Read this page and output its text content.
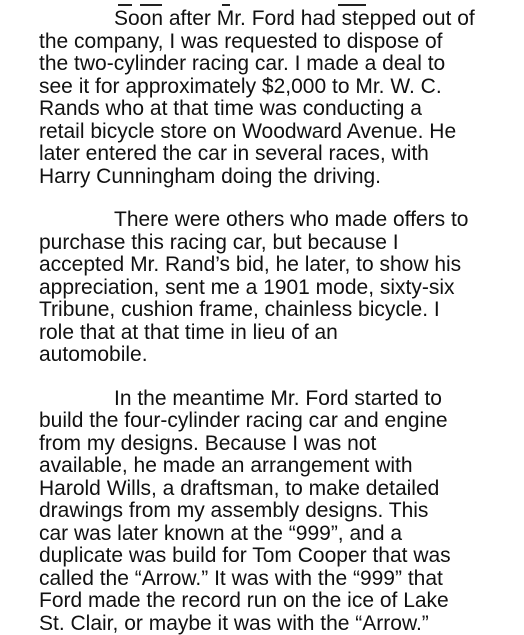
Soon after Mr. Ford had stepped out of
the company, I was requested to dispose of
the two-cylinder racing car. I made a deal to
see it for approximately $2,000 to Mr. W. C.
Rands who at that time was conducting a
retail bicycle store on Woodward Avenue. He
later entered the car in several races, with
Harry Cunningham doing the driving.

There were others who made offers to
purchase this racing car, but because I
accepted Mr. Rand’s bid, he later, to show his
appreciation, sent me a 1901 mode, sixty-six
Tribune, cushion frame, chainless bicycle. I
role that at that time in lieu of an
automobile.

In the meantime Mr. Ford started to
build the four-cylinder racing car and engine
from my designs. Because I was not
available, he made an arrangement with
Harold Wills, a draftsman, to make detailed
drawings from my assembly designs. This
car was later known at the “999”, and a
duplicate was build for Tom Cooper that was
called the “Arrow.” It was with the “999” that
Ford made the record run on the ice of Lake
St. Clair, or maybe it was with the “Arrow.”
